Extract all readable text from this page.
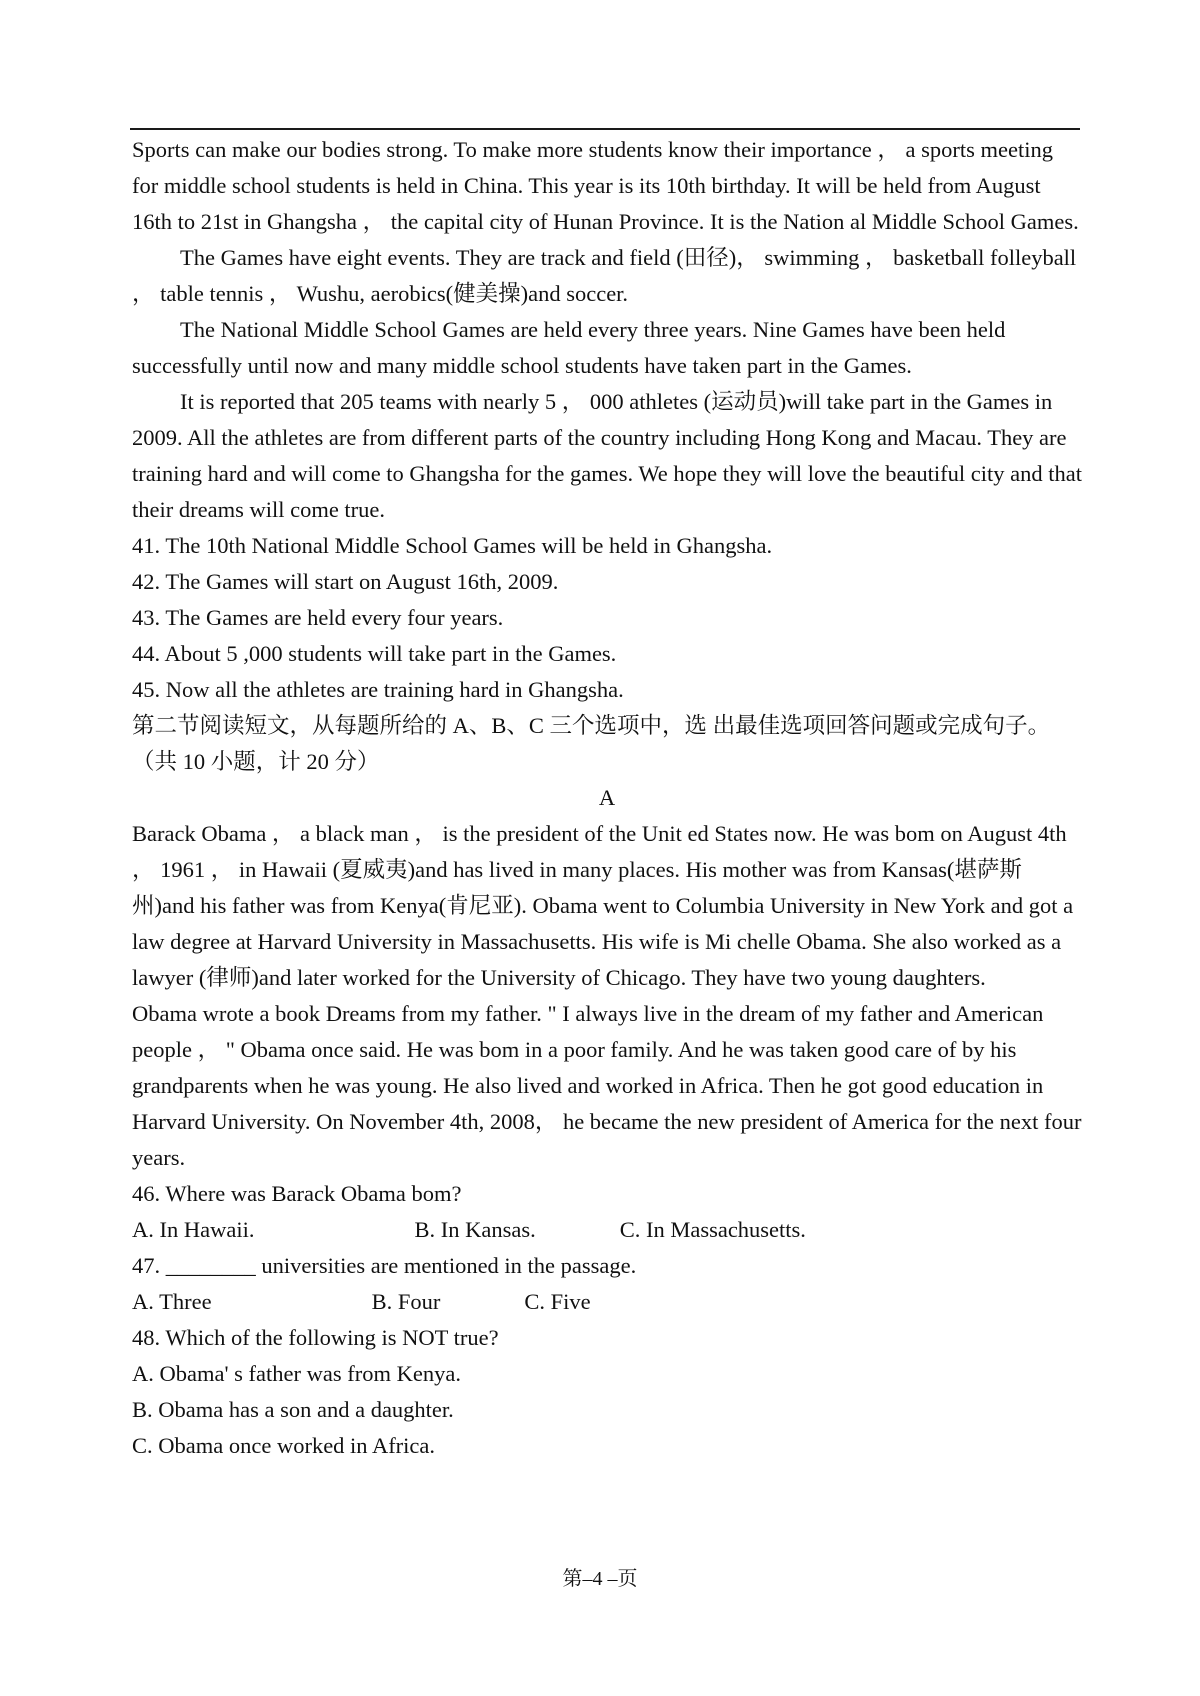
Sports can make our bodies strong. To make more students know their importance ， a sports meeting for middle school students is held in China. This year is its 10th birthday. It will be held from August 16th to 21st in Ghangsha ， the capital city of Hunan Province. It is the Nation al Middle School Games.

The Games have eight events. They are track and field (田径)， swimming ， basketball folleyball ， table tennis ， Wushu, aerobics(健美操)and soccer.

The National Middle School Games are held every three years. Nine Games have been held successfully until now and many middle school students have taken part in the Games.

It is reported that 205 teams with nearly 5 ， 000 athletes (运动员)will take part in the Games in 2009. All the athletes are from different parts of the country including Hong Kong and Macau. They are training hard and will come to Ghangsha for the games. We hope they will love the beautiful city and that their dreams will come true.

41. The 10th National Middle School Games will be held in Ghangsha.

42. The Games will start on August 16th, 2009.

43. The Games are held every four years.

44. About 5 ,000 students will take part in the Games.

45. Now all the athletes are training hard in Ghangsha.

第二节阅读短文，从每题所给的 A、B、C 三个选项中，选 出最佳选项回答问题或完成句子。（共 10 小题，计 20 分）

A

Barack Obama ， a black man ， is the president of the Unit ed States now. He was bom on August 4th ， 1961 ， in Hawaii (夏威夷)and has lived in many places. His mother was from Kansas(堪萨斯州)and his father was from Kenya(肯尼亚). Obama went to Columbia University in New York and got a law degree at Harvard University in Massachusetts. His wife is Mi chelle Obama. She also worked as a lawyer (律师)and later worked for the University of Chicago. They have two young daughters.

Obama wrote a book Dreams from my father. " I always live in the dream of my father and American people ， " Obama once said. He was bom in a poor family. And he was taken good care of by his grandparents when he was young. He also lived and worked in Africa. Then he got good education in Harvard University. On November 4th, 2008， he became the new president of America for the next four years.

46. Where was Barack Obama bom?

A. In Hawaii.	B. In Kansas.	C. In Massachusetts.

47. ________ universities are mentioned in the passage.

A. Three	B. Four	C. Five

48. Which of the following is NOT true?

A. Obama' s father was from Kenya.

B. Obama has a son and a daughter.

C. Obama once worked in Africa.

第–4 –页
